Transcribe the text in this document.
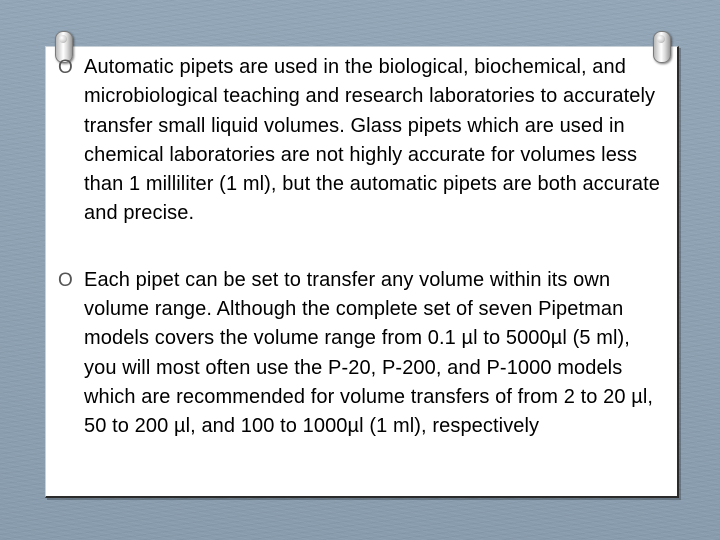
O Automatic pipets are used in the biological, biochemical, and microbiological teaching and research laboratories to accurately transfer small liquid volumes. Glass pipets which are used in chemical laboratories are not highly accurate for volumes less than 1 milliliter (1 ml), but the automatic pipets are both accurate and precise.
O Each pipet can be set to transfer any volume within its own volume range. Although the complete set of seven Pipetman models covers the volume range from 0.1 µl to 5000µl (5 ml), you will most often use the P-20, P-200, and P-1000 models which are recommended for volume transfers of from 2 to 20 µl, 50 to 200 µl, and 100 to 1000µl (1 ml), respectively
